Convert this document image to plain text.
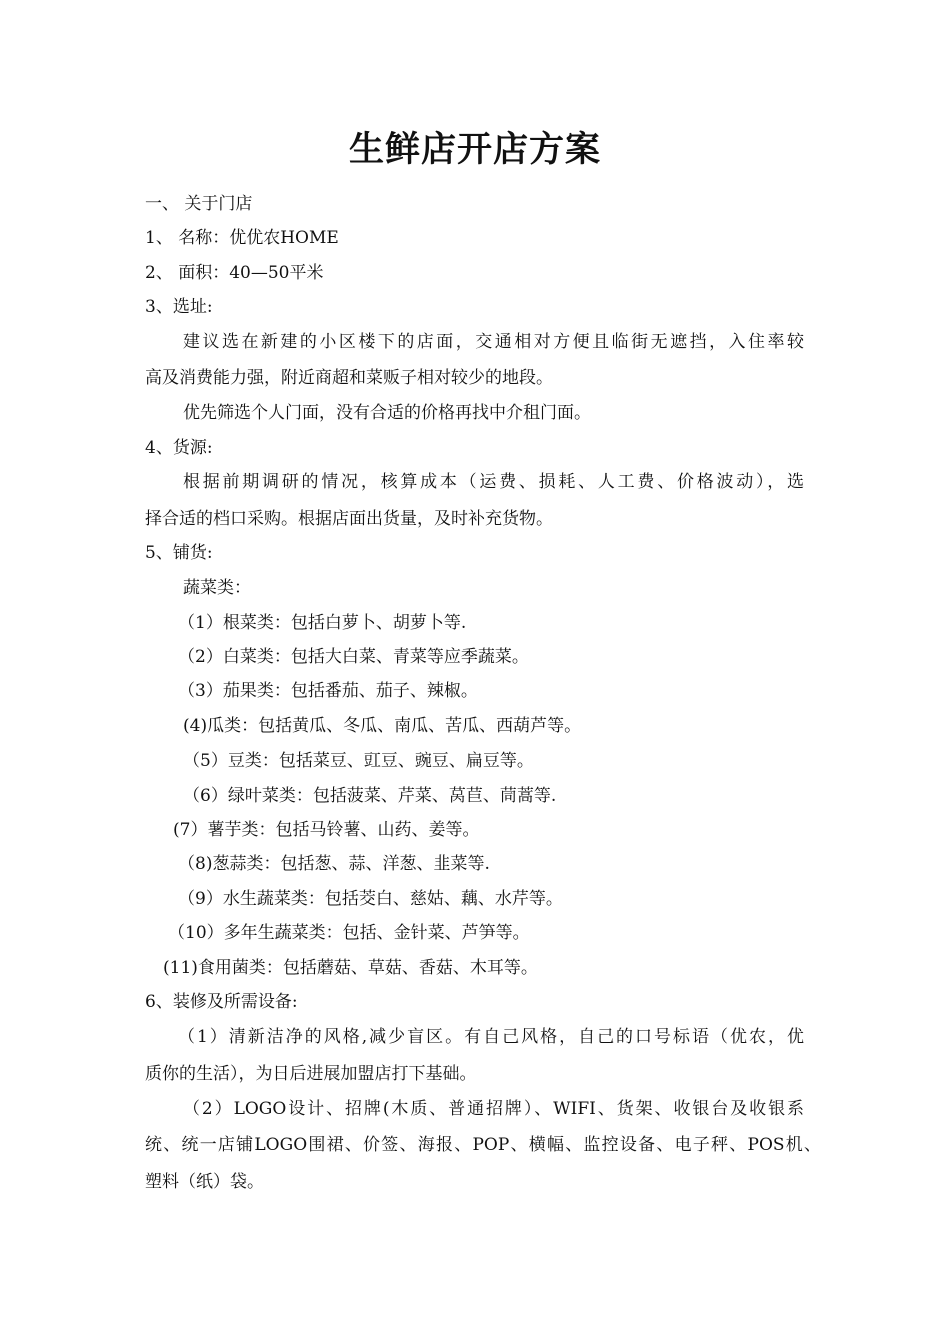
生鲜店开店方案
一、 关于门店
1、 名称：优优农HOME
2、 面积：40—50平米
3、选址:
建议选在新建的小区楼下的店面，交通相对方便且临街无遮挡，入住率较
高及消费能力强，附近商超和菜贩子相对较少的地段。
优先筛选个人门面，没有合适的价格再找中介租门面。
4、货源:
根据前期调研的情况，核算成本（运费、损耗、人工费、价格波动），选
择合适的档口采购。根据店面出货量，及时补充货物。
5、铺货:
蔬菜类：
（1）根菜类：包括白萝卜、胡萝卜等.
（2）白菜类：包括大白菜、青菜等应季蔬菜。
（3）茄果类：包括番茄、茄子、辣椒。
(4)瓜类：包括黄瓜、冬瓜、南瓜、苦瓜、西葫芦等。
（5）豆类：包括菜豆、豇豆、豌豆、扁豆等。
（6）绿叶菜类：包括菠菜、芹菜、莴苣、茼蒿等.
(7）薯芋类：包括马铃薯、山药、姜等。
（8)葱蒜类：包括葱、蒜、洋葱、韭菜等.
（9）水生蔬菜类：包括茭白、慈姑、藕、水芹等。
（10）多年生蔬菜类：包括、金针菜、芦笋等。
(11)食用菌类：包括蘑菇、草菇、香菇、木耳等。
6、装修及所需设备:
（1）清新洁净的风格,减少盲区。有自己风格，自己的口号标语（优农，优
质你的生活），为日后进展加盟店打下基础。
（2）LOGO设计、招牌(木质、普通招牌）、WIFI、货架、收银台及收银系
统、统一店铺LOGO围裙、价签、海报、POP、横幅、监控设备、电子秤、POS机、
塑料（纸）袋。
